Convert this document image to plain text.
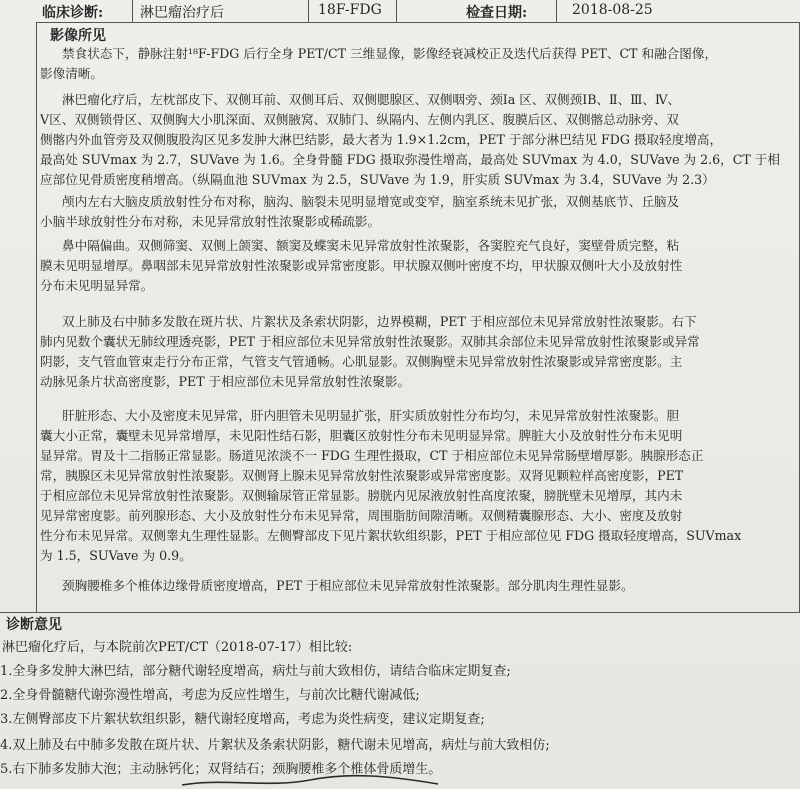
临床诊断:	淋巴瘤治疗后	18F-FDG	检查日期:	2018-08-25
影像所见
禁食状态下，静脉注射¹⁸F-FDG 后行全身 PET/CT 三维显像，影像经衰减校正及迭代后获得 PET、CT 和融合图像，
影像清晰。
淋巴瘤化疗后，左枕部皮下、双侧耳前、双侧耳后、双侧腮腺区、双侧咽旁、颈Ⅰa 区、双侧颈ⅠB、Ⅱ、Ⅲ、Ⅳ、
Ⅴ区、双侧锁骨区、双侧胸大小肌深面、双侧腋窝、双肺门、纵隔内、左侧内乳区、腹膜后区、双侧髂总动脉旁、双
侧髂内外血管旁及双侧腹股沟区见多发肿大淋巴结影，最大者为 1.9×1.2cm，PET 于部分淋巴结见 FDG 摄取轻度增高，
最高处 SUVmax 为 2.7，SUVave 为 1.6。全身骨髓 FDG 摄取弥漫性增高，最高处 SUVmax 为 4.0，SUVave 为 2.6，CT 于相
应部位见骨质密度稍增高。（纵隔血池 SUVmax 为 2.5，SUVave 为 1.9，肝实质 SUVmax 为 3.4，SUVave 为 2.3）
颅内左右大脑皮质放射性分布对称，脑沟、脑裂未见明显增宽或变窄，脑室系统未见扩张，双侧基底节、丘脑及
小脑半球放射性分布对称，未见异常放射性浓聚影或稀疏影。
鼻中隔偏曲。双侧筛窦、双侧上颌窦、额窦及蝶窦未见异常放射性浓聚影，各窦腔充气良好，窦壁骨质完整，粘
膜未见明显增厚。鼻咽部未见异常放射性浓聚影或异常密度影。甲状腺双侧叶密度不均，甲状腺双侧叶大小及放射性
分布未见明显异常。
双上肺及右中肺多发散在斑片状、片絮状及条索状阴影，边界模糊，PET 于相应部位未见异常放射性浓聚影。右下
肺内见数个囊状无肺纹理透亮影，PET 于相应部位未见异常放射性浓聚影。双肺其余部位未见异常放射性浓聚影或异常
阴影，支气管血管束走行分布正常，气管支气管通畅。心肌显影。双侧胸壁未见异常放射性浓聚影或异常密度影。主
动脉见条片状高密度影，PET 于相应部位未见异常放射性浓聚影。
肝脏形态、大小及密度未见异常，肝内胆管未见明显扩张，肝实质放射性分布均匀，未见异常放射性浓聚影。胆
囊大小正常，囊壁未见异常增厚，未见阳性结石影，胆囊区放射性分布未见明显异常。脾脏大小及放射性分布未见明
显异常。胃及十二指肠正常显影。肠道见浓淡不一 FDG 生理性摄取，CT 于相应部位未见异常肠壁增厚影。胰腺形态正
常，胰腺区未见异常放射性浓聚影。双侧肾上腺未见异常放射性浓聚影或异常密度影。双肾见颗粒样高密度影，PET
于相应部位未见异常放射性浓聚影。双侧输尿管正常显影。膀胱内见尿液放射性高度浓聚，膀胱壁未见增厚，其内未
见异常密度影。前列腺形态、大小及放射性分布未见异常，周围脂肪间隙清晰。双侧精囊腺形态、大小、密度及放射
性分布未见异常。双侧睾丸生理性显影。左侧臀部皮下见片絮状软组织影，PET 于相应部位见 FDG 摄取轻度增高，SUVmax
为 1.5，SUVave 为 0.9。
颈胸腰椎多个椎体边缘骨质密度增高，PET 于相应部位未见异常放射性浓聚影。部分肌肉生理性显影。
诊断意见
淋巴瘤化疗后，与本院前次PET/CT（2018-07-17）相比较:
1.全身多发肿大淋巴结，部分糖代谢轻度增高，病灶与前大致相仿，请结合临床定期复查;
2.全身骨髓糖代谢弥漫性增高，考虑为反应性增生，与前次比糖代谢减低;
3.左侧臀部皮下片絮状软组织影，糖代谢轻度增高，考虑为炎性病变，建议定期复查;
4.双上肺及右中肺多发散在斑片状、片絮状及条索状阴影，糖代谢未见增高，病灶与前大致相仿;
5.右下肺多发肺大泡；主动脉钙化；双肾结石；颈胸腰椎多个椎体骨质增生。
